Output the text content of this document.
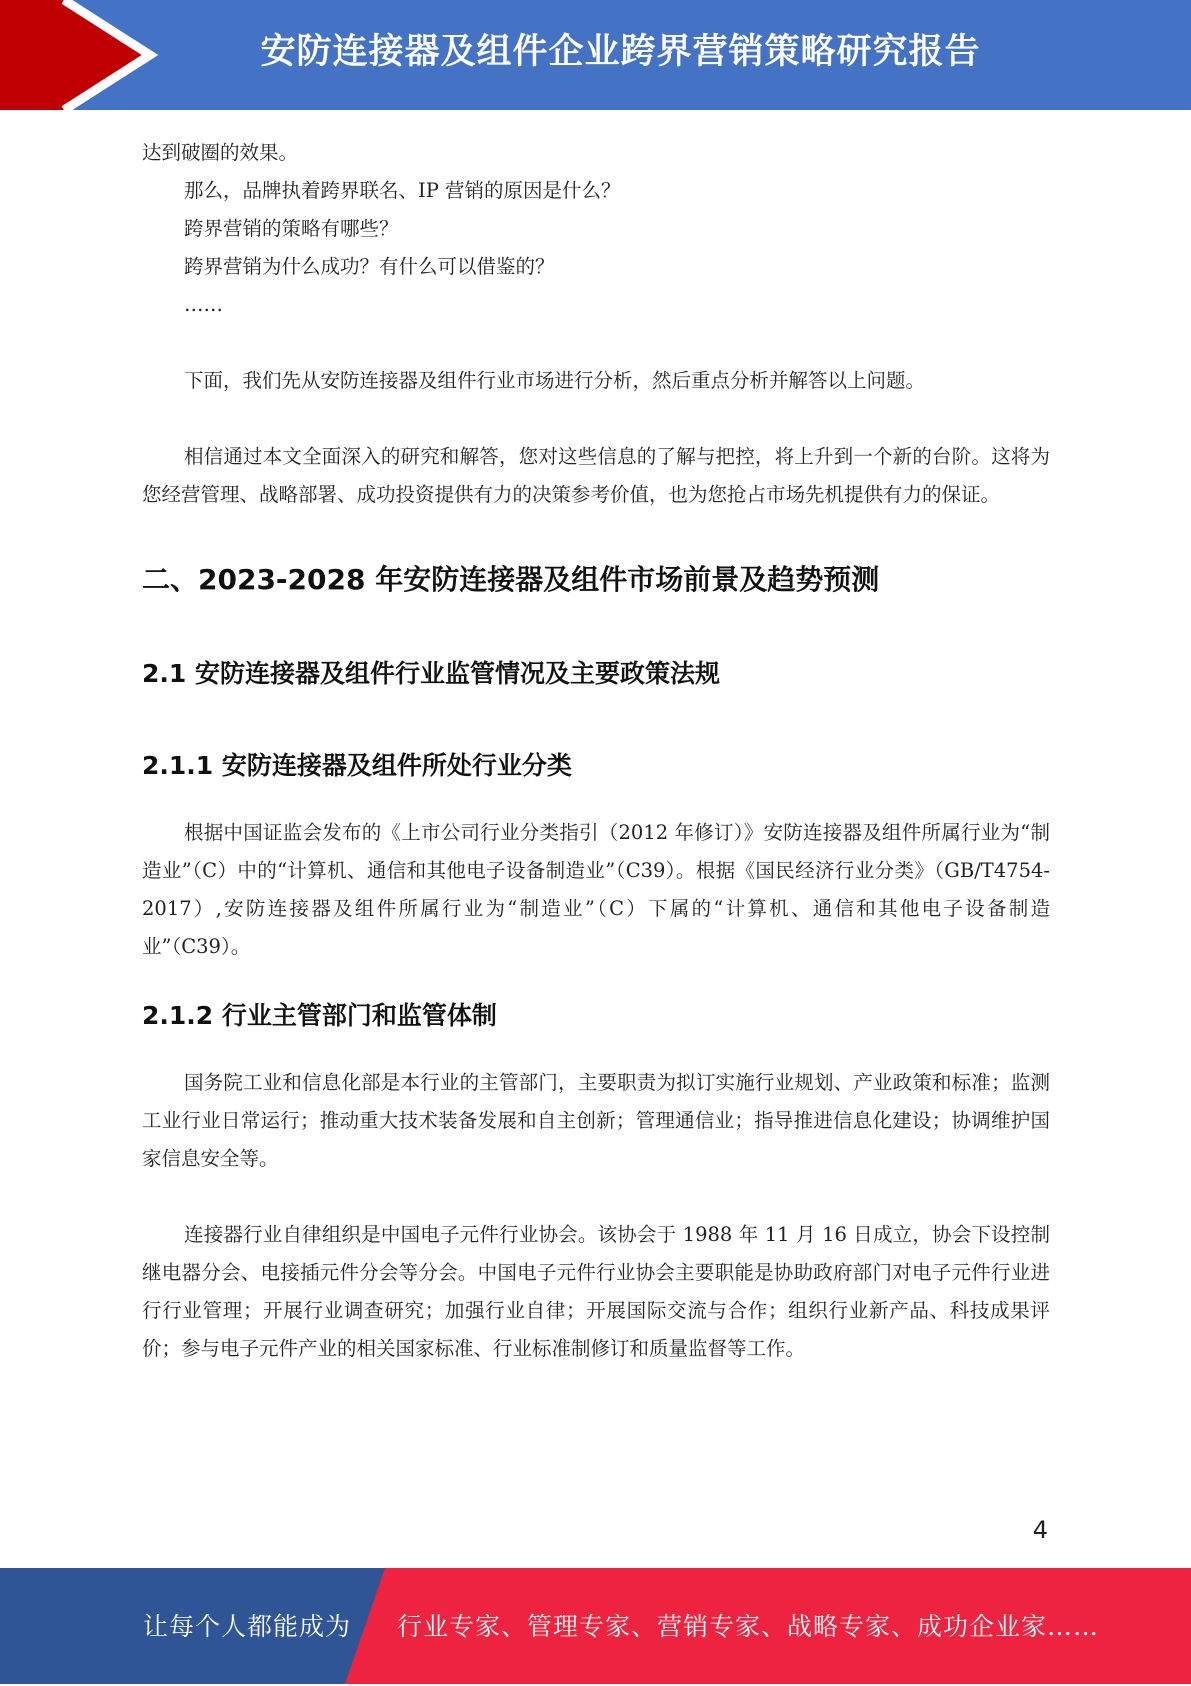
安防连接器及组件企业跨界营销策略研究报告

达到破圈的效果。

那么，品牌执着跨界联名、IP 营销的原因是什么？

跨界营销的策略有哪些？

跨界营销为什么成功？有什么可以借鉴的？

……

下面，我们先从安防连接器及组件行业市场进行分析，然后重点分析并解答以上问题。

相信通过本文全面深入的研究和解答，您对这些信息的了解与把控，将上升到一个新的台阶。这将为您经营管理、战略部署、成功投资提供有力的决策参考价值，也为您抢占市场先机提供有力的保证。

二、2023-2028 年安防连接器及组件市场前景及趋势预测
2.1 安防连接器及组件行业监管情况及主要政策法规
2.1.1 安防连接器及组件所处行业分类

根据中国证监会发布的《上市公司行业分类指引（2012 年修订）》安防连接器及组件所属行业为“制造业”（C）中的“计算机、通信和其他电子设备制造业”（C39）。根据《国民经济行业分类》（GB/T4754-2017）,安防连接器及组件所属行业为“制造业”（C）下属的“计算机、通信和其他电子设备制造业”（C39）。

2.1.2 行业主管部门和监管体制

国务院工业和信息化部是本行业的主管部门，主要职责为拟订实施行业规划、产业政策和标准；监测工业行业日常运行；推动重大技术装备发展和自主创新；管理通信业；指导推进信息化建设；协调维护国家信息安全等。

连接器行业自律组织是中国电子元件行业协会。该协会于 1988 年 11 月 16 日成立，协会下设控制继电器分会、电接插元件分会等分会。中国电子元件行业协会主要职能是协助政府部门对电子元件行业进行行业管理；开展行业调查研究；加强行业自律；开展国际交流与合作；组织行业新产品、科技成果评价；参与电子元件产业的相关国家标准、行业标准制修订和质量监督等工作。

4
让每个人都能成为 行业专家、管理专家、营销专家、战略专家、成功企业家……
